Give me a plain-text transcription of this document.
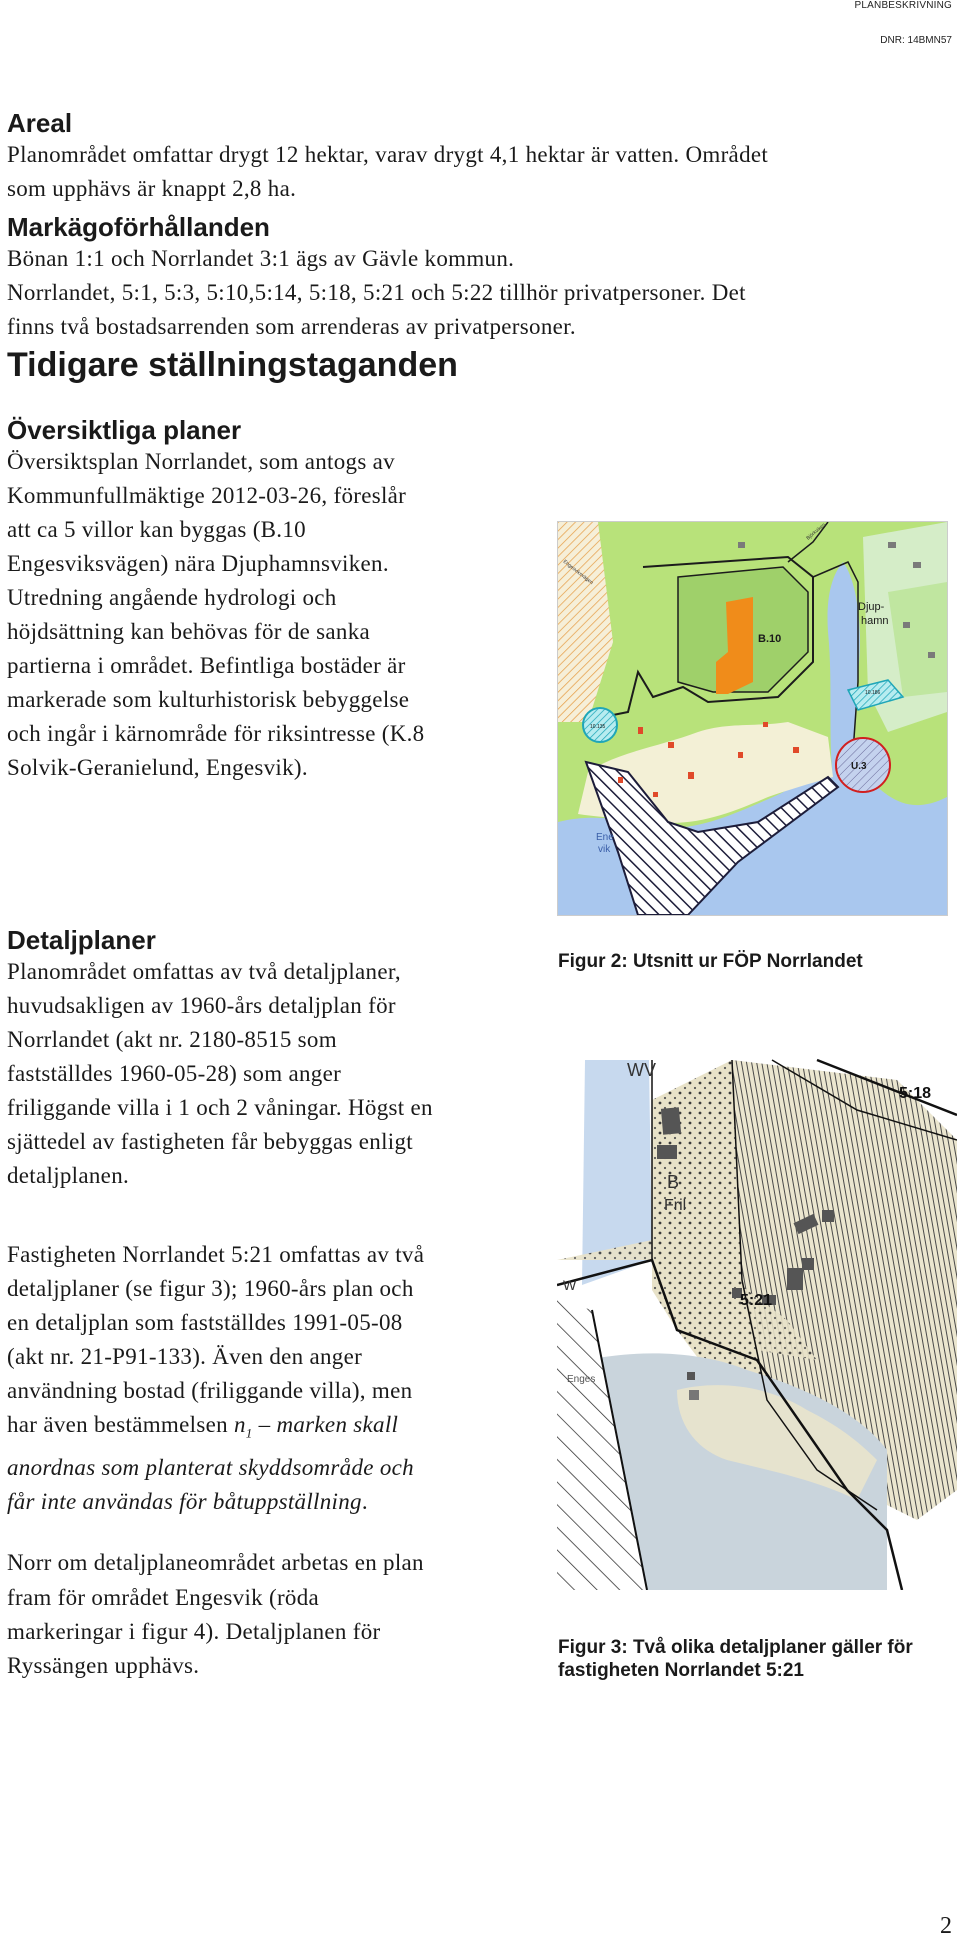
PLANBESKRIVNING
DNR: 14BMN57
Areal
Planområdet omfattar drygt 12 hektar, varav drygt 4,1 hektar är vatten. Området
som upphävs är knappt 2,8 ha.
Markägoförhållanden
Bönan 1:1 och Norrlandet 3:1 ägs av Gävle kommun.
Norrlandet, 5:1, 5:3, 5:10,5:14, 5:18, 5:21 och 5:22 tillhör privatpersoner. Det
finns två bostadsarrenden som arrenderas av privatpersoner.
Tidigare ställningstaganden
Översiktliga planer
Översiktsplan Norrlandet, som antogs av
Kommunfullmäktige 2012-03-26, föreslår
att ca 5 villor kan byggas (B.10
Engesviksvägen) nära Djuphamnsviken.
Utredning angående hydrologi och
höjdsättning kan behövas för de sanka
partierna i området. Befintliga bostäder är
markerade som kulturhistorisk bebyggelse
och ingår i kärnområde för riksintresse (K.8
Solvik-Geranielund, Engesvik).
Detaljplaner
Planområdet omfattas av två detaljplaner,
huvudsakligen av 1960-års detaljplan för
Norrlandet (akt nr. 2180-8515 som
fastställdes 1960-05-28) som anger
friliggande villa i 1 och 2 våningar. Högst en
sjättedel av fastigheten får bebyggas enligt
detaljplanen.
Fastigheten Norrlandet 5:21 omfattas av två
detaljplaner (se figur 3); 1960-års plan och
en detaljplan som fastställdes 1991-05-08
(akt nr. 21-P91-133). Även den anger
användning bostad (friliggande villa), men
har även bestämmelsen $n_1$ – marken skall
anordnas som planterat skyddsområde och
får inte användas för båtuppställning.
Norr om detaljplaneområdet arbetas en plan
fram för området Engesvik (röda
markeringar i figur 4). Detaljplanen för
Ryssängen upphävs.
B.10
Djup-
hamn
U.3
Ene
vik
10.135
10.186
Engesviksvägen
Björkviken
Figur 2: Utsnitt ur FÖP Norrlandet
5:18
5:21
WV
B
Fril
W
Enges
Figur 3: Två olika detaljplaner gäller för
fastigheten Norrlandet 5:21
2
